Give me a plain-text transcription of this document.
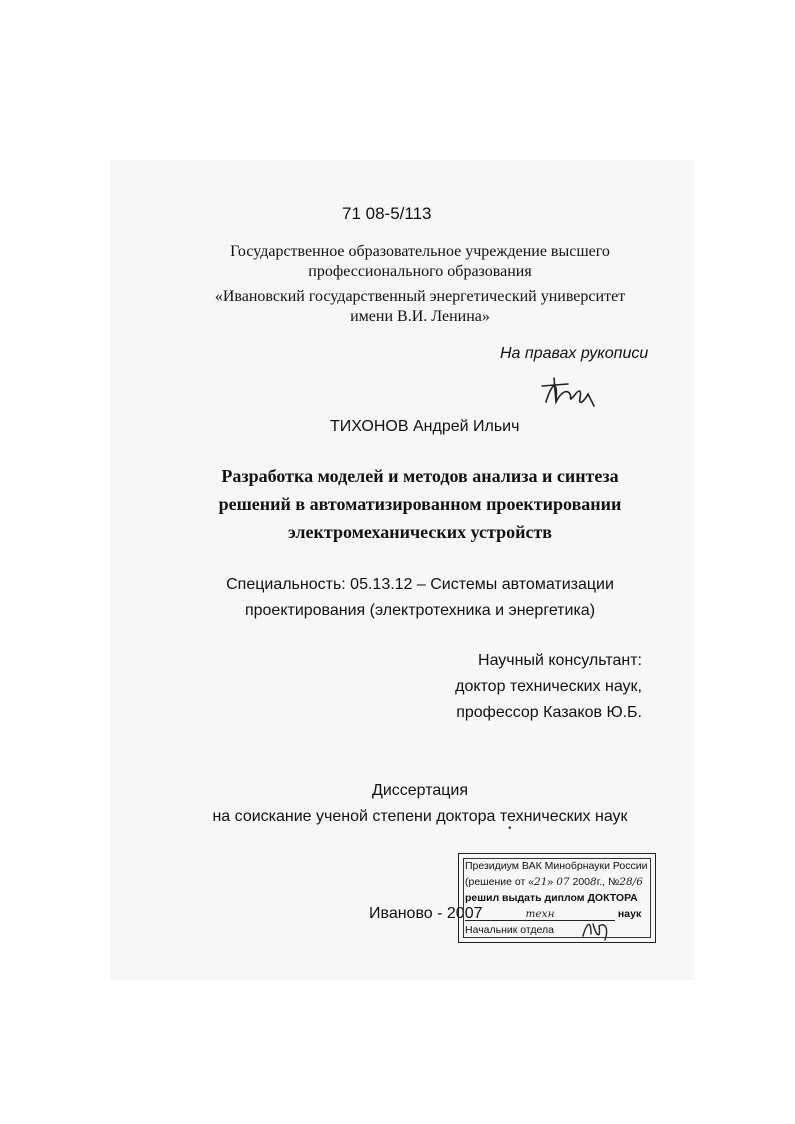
71 08-5/113
Государственное образовательное учреждение высшего
профессионального образования
«Ивановский государственный энергетический университет
имени В.И. Ленина»
На правах рукописи
ТИХОНОВ Андрей Ильич
Разработка моделей и методов анализа и синтеза
решений в автоматизированном проектировании
электромеханических устройств
Специальность: 05.13.12 – Системы автоматизации
проектирования (электротехника и энергетика)
Научный консультант:
доктор технических наук,
профессор Казаков Ю.Б.
Диссертация
на соискание ученой степени доктора технических наук
•
Иваново - 2007
Президиум ВАК Минобрнауки России
(решение от «21» 07 2008г., №28/6
решил выдать диплом ДОКТОРА
техн	наук
Начальник отдела
